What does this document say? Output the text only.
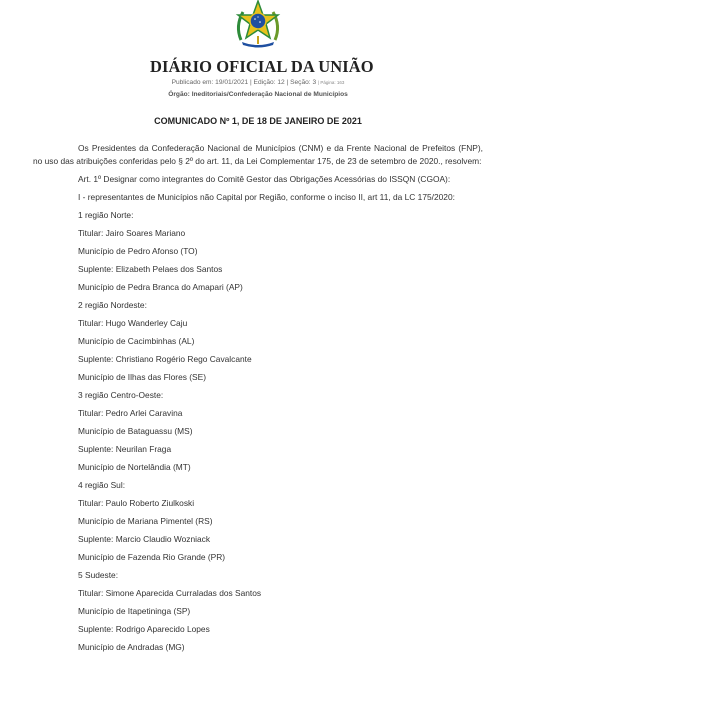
DIÁRIO OFICIAL DA UNIÃO
Publicado em: 19/01/2021 | Edição: 12 | Seção: 3 | Página: 163
Órgão: Ineditoriais/Confederação Nacional de Municípios
COMUNICADO Nº 1, DE 18 DE JANEIRO DE 2021

Os Presidentes da Confederação Nacional de Municípios (CNM) e da Frente Nacional de Prefeitos (FNP), no uso das atribuições conferidas pelo § 2º do art. 11, da Lei Complementar 175, de 23 de setembro de 2020., resolvem:

Art. 1º Designar como integrantes do Comitê Gestor das Obrigações Acessórias do ISSQN (CGOA):

I - representantes de Municípios não Capital por Região, conforme o inciso II, art 11, da LC 175/2020:

1 região Norte:
Titular: Jairo Soares Mariano
Município de Pedro Afonso (TO)
Suplente: Elizabeth Pelaes dos Santos
Município de Pedra Branca do Amapari (AP)
2 região Nordeste:
Titular: Hugo Wanderley Caju
Município de Cacimbinhas (AL)
Suplente: Christiano Rogério Rego Cavalcante
Município de Ilhas das Flores (SE)
3 região Centro-Oeste:
Titular: Pedro Arlei Caravina
Município de Bataguassu (MS)
Suplente: Neurilan Fraga
Município de Nortelândia (MT)
4 região Sul:
Titular: Paulo Roberto Ziulkoski
Município de Mariana Pimentel (RS)
Suplente: Marcio Claudio Wozniack
Município de Fazenda Rio Grande (PR)
5 Sudeste:
Titular: Simone Aparecida Curraladas dos Santos
Município de Itapetininga (SP)
Suplente: Rodrigo Aparecido Lopes
Município de Andradas (MG)
